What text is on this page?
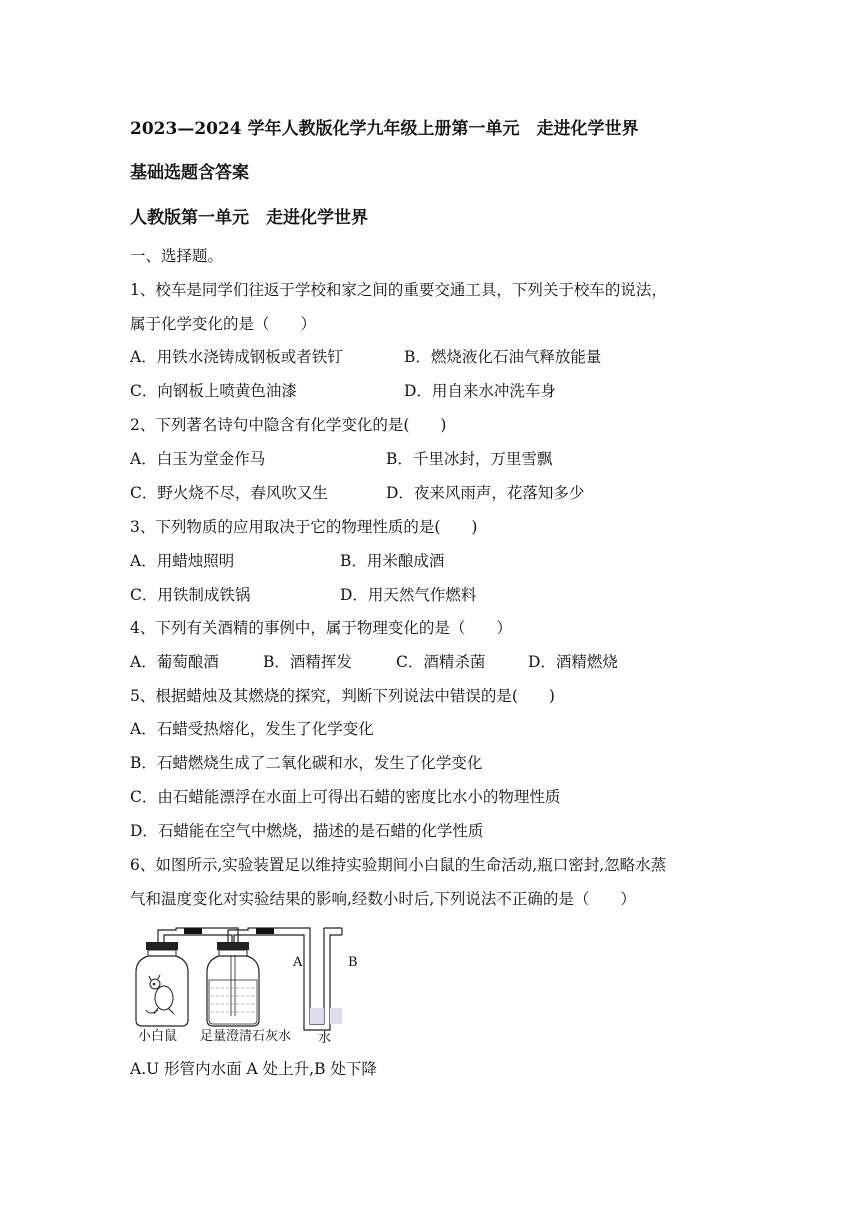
2023—2024 学年人教版化学九年级上册第一单元　走进化学世界
基础选题含答案
人教版第一单元　走进化学世界
一、选择题。
1、校车是同学们往返于学校和家之间的重要交通工具，下列关于校车的说法，
属于化学变化的是（　　）
A．用铁水浇铸成钢板或者铁钉	B．燃烧液化石油气释放能量
C．向钢板上喷黄色油漆	D．用自来水冲洗车身
2、下列著名诗句中隐含有化学变化的是(　　)
A．白玉为堂金作马	B．千里冰封，万里雪飘
C．野火烧不尽，春风吹又生	D．夜来风雨声，花落知多少
3、下列物质的应用取决于它的物理性质的是(　　)
A．用蜡烛照明	B．用米酿成酒
C．用铁制成铁锅	D．用天然气作燃料
4、下列有关酒精的事例中，属于物理变化的是（　　）
A．葡萄酿酒	B．酒精挥发	C．酒精杀菌	D．酒精燃烧
5、根据蜡烛及其燃烧的探究，判断下列说法中错误的是(　　)
A．石蜡受热熔化，发生了化学变化
B．石蜡燃烧生成了二氧化碳和水，发生了化学变化
C．由石蜡能漂浮在水面上可得出石蜡的密度比水小的物理性质
D．石蜡能在空气中燃烧，描述的是石蜡的化学性质
6、如图所示,实验装置足以维持实验期间小白鼠的生命活动,瓶口密封,忽略水蒸
气和温度变化对实验结果的影响,经数小时后,下列说法不正确的是（　　）
A	B
水
小白鼠 足量澄清石灰水
A.U 形管内水面 A 处上升,B 处下降
